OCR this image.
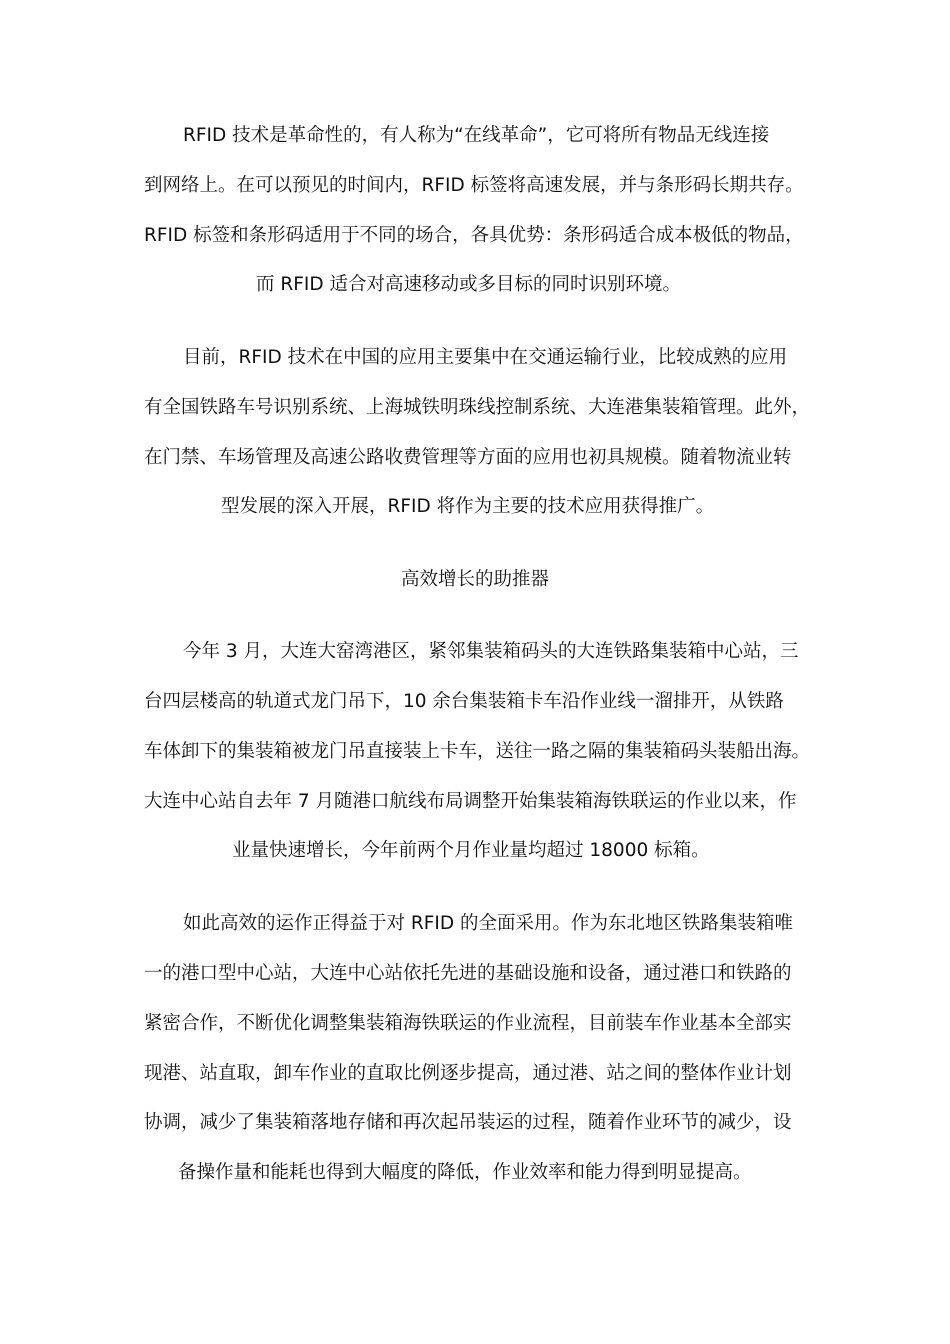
RFID 技术是革命性的，有人称为“在线革命”，它可将所有物品无线连接
到网络上。在可以预见的时间内，RFID 标签将高速发展，并与条形码长期共存。
RFID 标签和条形码适用于不同的场合，各具优势：条形码适合成本极低的物品，
而 RFID 适合对高速移动或多目标的同时识别环境。
目前，RFID 技术在中国的应用主要集中在交通运输行业，比较成熟的应用
有全国铁路车号识别系统、上海城铁明珠线控制系统、大连港集装箱管理。此外，
在门禁、车场管理及高速公路收费管理等方面的应用也初具规模。随着物流业转
型发展的深入开展，RFID 将作为主要的技术应用获得推广。
高效增长的助推器
今年 3 月，大连大窑湾港区，紧邻集装箱码头的大连铁路集装箱中心站，三
台四层楼高的轨道式龙门吊下，10 余台集装箱卡车沿作业线一溜排开，从铁路
车体卸下的集装箱被龙门吊直接装上卡车，送往一路之隔的集装箱码头装船出海。
大连中心站自去年 7 月随港口航线布局调整开始集装箱海铁联运的作业以来，作
业量快速增长，今年前两个月作业量均超过 18000 标箱。
如此高效的运作正得益于对 RFID 的全面采用。作为东北地区铁路集装箱唯
一的港口型中心站，大连中心站依托先进的基础设施和设备，通过港口和铁路的
紧密合作，不断优化调整集装箱海铁联运的作业流程，目前装车作业基本全部实
现港、站直取，卸车作业的直取比例逐步提高，通过港、站之间的整体作业计划
协调，减少了集装箱落地存储和再次起吊装运的过程，随着作业环节的减少，设
备操作量和能耗也得到大幅度的降低，作业效率和能力得到明显提高。
